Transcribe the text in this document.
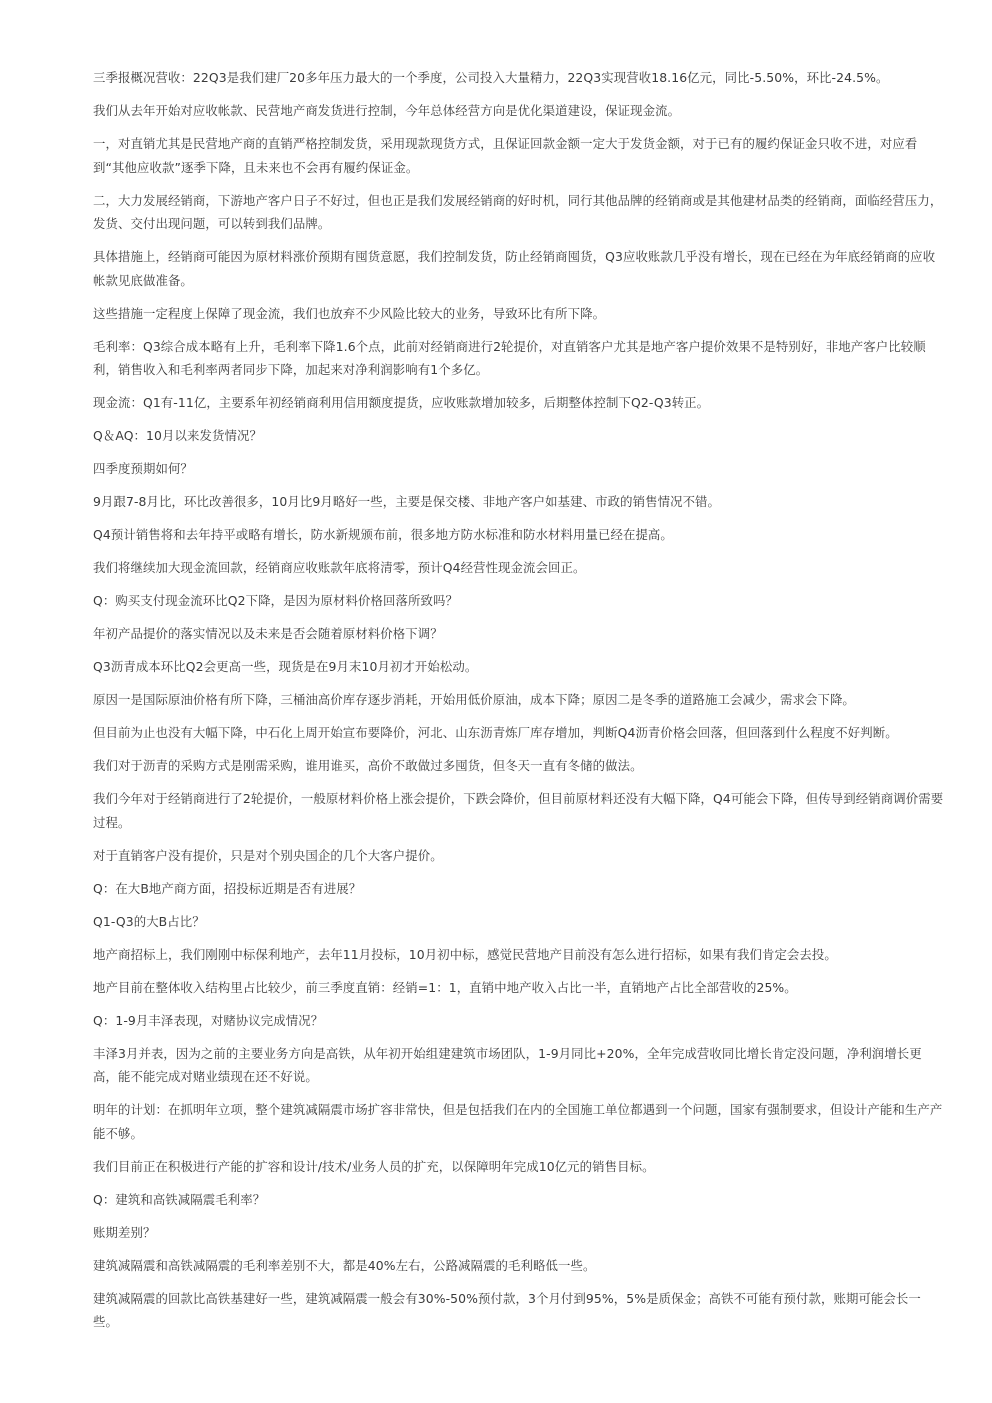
三季报概况营收：22Q3是我们建厂20多年压力最大的一个季度，公司投入大量精力，22Q3实现营收18.16亿元，同比-5.50%，环比-24.5%。

我们从去年开始对应收帐款、民营地产商发货进行控制，今年总体经营方向是优化渠道建设，保证现金流。

一，对直销尤其是民营地产商的直销严格控制发货，采用现款现货方式，且保证回款金额一定大于发货金额，对于已有的履约保证金只收不进，对应看到“其他应收款”逐季下降，且未来也不会再有履约保证金。

二，大力发展经销商，下游地产客户日子不好过，但也正是我们发展经销商的好时机，同行其他品牌的经销商或是其他建材品类的经销商，面临经营压力，发货、交付出现问题，可以转到我们品牌。

具体措施上，经销商可能因为原材料涨价预期有囤货意愿，我们控制发货，防止经销商囤货，Q3应收账款几乎没有增长，现在已经在为年底经销商的应收帐款见底做准备。

这些措施一定程度上保障了现金流，我们也放弃不少风险比较大的业务，导致环比有所下降。

毛利率：Q3综合成本略有上升，毛利率下降1.6个点，此前对经销商进行2轮提价，对直销客户尤其是地产客户提价效果不是特别好，非地产客户比较顺利，销售收入和毛利率两者同步下降，加起来对净利润影响有1个多亿。

现金流：Q1有-11亿，主要系年初经销商利用信用额度提货，应收账款增加较多，后期整体控制下Q2-Q3转正。

Q＆AQ：10月以来发货情况？

四季度预期如何？

9月跟7-8月比，环比改善很多，10月比9月略好一些，主要是保交楼、非地产客户如基建、市政的销售情况不错。

Q4预计销售将和去年持平或略有增长，防水新规颁布前，很多地方防水标准和防水材料用量已经在提高。

我们将继续加大现金流回款，经销商应收账款年底将清零，预计Q4经营性现金流会回正。

Q：购买支付现金流环比Q2下降，是因为原材料价格回落所致吗？

年初产品提价的落实情况以及未来是否会随着原材料价格下调？

Q3沥青成本环比Q2会更高一些，现货是在9月末10月初才开始松动。

原因一是国际原油价格有所下降，三桶油高价库存逐步消耗，开始用低价原油，成本下降；原因二是冬季的道路施工会减少，需求会下降。

但目前为止也没有大幅下降，中石化上周开始宣布要降价，河北、山东沥青炼厂库存增加，判断Q4沥青价格会回落，但回落到什么程度不好判断。

我们对于沥青的采购方式是刚需采购，谁用谁买，高价不敢做过多囤货，但冬天一直有冬储的做法。

我们今年对于经销商进行了2轮提价，一般原材料价格上涨会提价，下跌会降价，但目前原材料还没有大幅下降，Q4可能会下降，但传导到经销商调价需要过程。

对于直销客户没有提价，只是对个别央国企的几个大客户提价。

Q：在大B地产商方面，招投标近期是否有进展？

Q1-Q3的大B占比？

地产商招标上，我们刚刚中标保利地产，去年11月投标，10月初中标，感觉民营地产目前没有怎么进行招标，如果有我们肯定会去投。

地产目前在整体收入结构里占比较少，前三季度直销：经销=1：1，直销中地产收入占比一半，直销地产占比全部营收的25%。

Q：1-9月丰泽表现，对赌协议完成情况？

丰泽3月并表，因为之前的主要业务方向是高铁，从年初开始组建建筑市场团队，1-9月同比+20%，全年完成营收同比增长肯定没问题，净利润增长更高，能不能完成对赌业绩现在还不好说。

明年的计划：在抓明年立项，整个建筑减隔震市场扩容非常快，但是包括我们在内的全国施工单位都遇到一个问题，国家有强制要求，但设计产能和生产产能不够。

我们目前正在积极进行产能的扩容和设计/技术/业务人员的扩充，以保障明年完成10亿元的销售目标。

Q：建筑和高铁减隔震毛利率？

账期差别？

建筑减隔震和高铁减隔震的毛利率差别不大，都是40%左右，公路减隔震的毛利略低一些。

建筑减隔震的回款比高铁基建好一些，建筑减隔震一般会有30%-50%预付款，3个月付到95%，5%是质保金；高铁不可能有预付款，账期可能会长一些。
